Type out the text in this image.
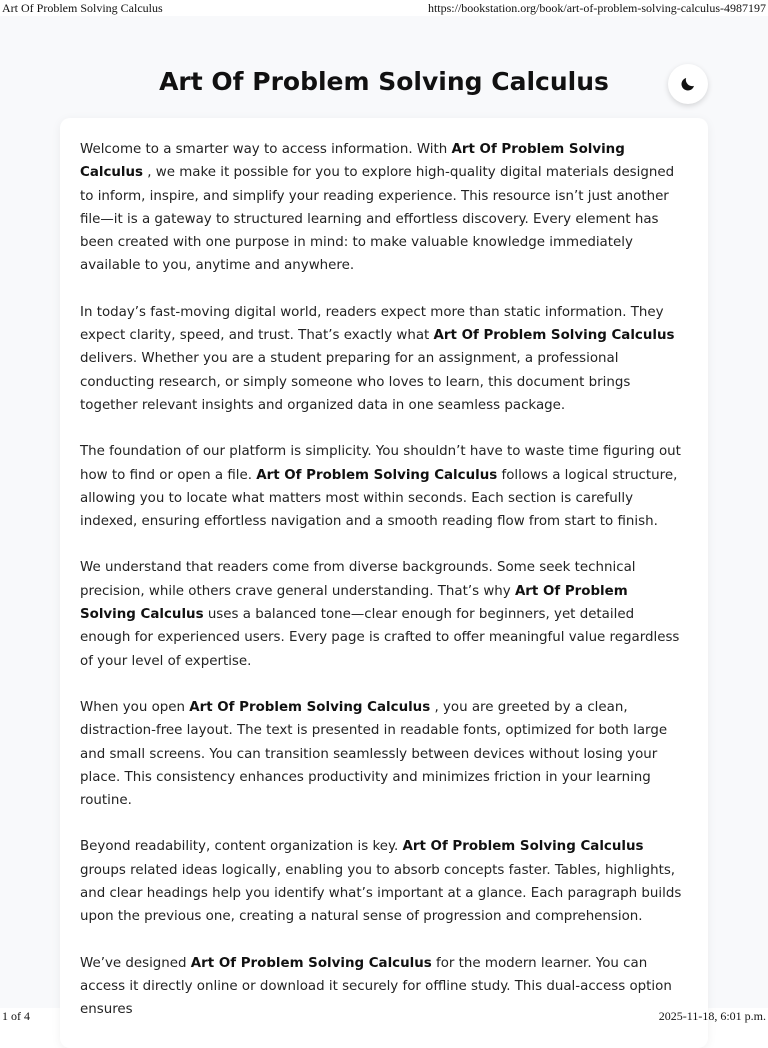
Art Of Problem Solving Calculus	https://bookstation.org/book/art-of-problem-solving-calculus-4987197
Art Of Problem Solving Calculus

Welcome to a smarter way to access information. With Art Of Problem Solving Calculus , we make it possible for you to explore high-quality digital materials designed to inform, inspire, and simplify your reading experience. This resource isn’t just another file—it is a gateway to structured learning and effortless discovery. Every element has been created with one purpose in mind: to make valuable knowledge immediately available to you, anytime and anywhere.

In today’s fast-moving digital world, readers expect more than static information. They expect clarity, speed, and trust. That’s exactly what Art Of Problem Solving Calculus delivers. Whether you are a student preparing for an assignment, a professional conducting research, or simply someone who loves to learn, this document brings together relevant insights and organized data in one seamless package.

The foundation of our platform is simplicity. You shouldn’t have to waste time figuring out how to find or open a file. Art Of Problem Solving Calculus follows a logical structure, allowing you to locate what matters most within seconds. Each section is carefully indexed, ensuring effortless navigation and a smooth reading flow from start to finish.

We understand that readers come from diverse backgrounds. Some seek technical precision, while others crave general understanding. That’s why Art Of Problem Solving Calculus uses a balanced tone—clear enough for beginners, yet detailed enough for experienced users. Every page is crafted to offer meaningful value regardless of your level of expertise.

When you open Art Of Problem Solving Calculus , you are greeted by a clean, distraction-free layout. The text is presented in readable fonts, optimized for both large and small screens. You can transition seamlessly between devices without losing your place. This consistency enhances productivity and minimizes friction in your learning routine.

Beyond readability, content organization is key. Art Of Problem Solving Calculus groups related ideas logically, enabling you to absorb concepts faster. Tables, highlights, and clear headings help you identify what’s important at a glance. Each paragraph builds upon the previous one, creating a natural sense of progression and comprehension.

We’ve designed Art Of Problem Solving Calculus for the modern learner. You can access it directly online or download it securely for offline study. This dual-access option ensures

1 of 4	2025-11-18, 6:01 p.m.
